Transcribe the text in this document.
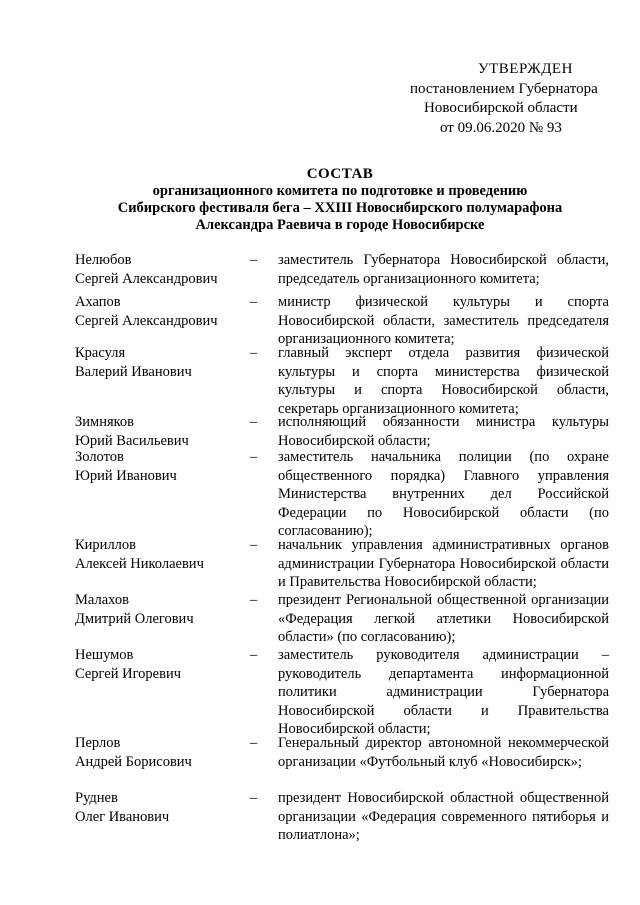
УТВЕРЖДЕН
постановлением Губернатора
Новосибирской области
от 09.06.2020 № 93
СОСТАВ
организационного комитета по подготовке и проведению
Сибирского фестиваля бега – XXIII Новосибирского полумарафона
Александра Раевича в городе Новосибирске
Нелюбов
Сергей Александрович
–	заместитель Губернатора Новосибирской области, председатель организационного комитета;
Ахапов
Сергей Александрович
–	министр физической культуры и спорта Новосибирской области, заместитель председателя организационного комитета;
Красуля
Валерий Иванович
–	главный эксперт отдела развития физической культуры и спорта министерства физической культуры и спорта Новосибирской области, секретарь организационного комитета;
Зимняков
Юрий Васильевич
–	исполняющий обязанности министра культуры Новосибирской области;
Золотов
Юрий Иванович
–	заместитель начальника полиции (по охране общественного порядка) Главного управления Министерства внутренних дел Российской Федерации по Новосибирской области (по согласованию);
Кириллов
Алексей Николаевич
–	начальник управления административных органов администрации Губернатора Новосибирской области и Правительства Новосибирской области;
Малахов
Дмитрий Олегович
–	президент Региональной общественной организации «Федерация легкой атлетики Новосибирской области» (по согласованию);
Нешумов
Сергей Игоревич
–	заместитель руководителя администрации – руководитель департамента информационной политики администрации Губернатора Новосибирской области и Правительства Новосибирской области;
Перлов
Андрей Борисович
–	Генеральный директор автономной некоммерческой организации «Футбольный клуб «Новосибирск»;
Руднев
Олег Иванович
–	президент Новосибирской областной общественной организации «Федерация современного пятиборья и полиатлона»;
